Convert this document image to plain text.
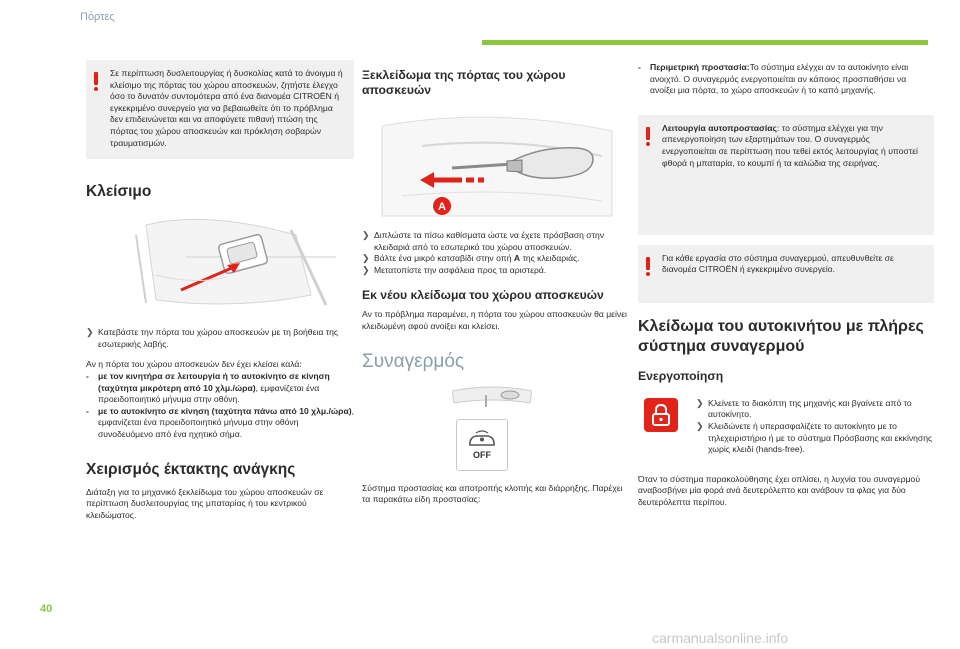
Πόρτες
Σε περίπτωση δυσλειτουργίας ή δυσκολίας κατά το άνοιγμα ή κλείσιμο της πόρτας του χώρου αποσκευών, ζητήστε έλεγχο όσο το δυνατόν συντομότερα από ένα διανομέα CITROËN ή εγκεκριμένο συνεργείο για να βεβαιωθείτε ότι το πρόβλημα δεν επιδεινώνεται και να αποφύγετε πιθανή πτώση της πόρτας του χώρου αποσκευών και πρόκληση σοβαρών τραυματισμών.
Κλείσιμο
❯ Κατεβάστε την πόρτα του χώρου αποσκευών με τη βοήθεια της εσωτερικής λαβής.
Αν η πόρτα του χώρου αποσκευών δεν έχει κλείσει καλά:
-	με τον κινητήρα σε λειτουργία ή το αυτοκίνητο σε κίνηση (ταχύτητα μικρότερη από 10 χλμ./ώρα), εμφανίζεται ένα προειδοποιητικό μήνυμα στην οθόνη.
-	με το αυτοκίνητο σε κίνηση (ταχύτητα πάνω από 10 χλμ./ώρα), εμφανίζεται ένα προειδοποιητικό μήνυμα στην οθόνη συνοδευόμενο από ένα ηχητικό σήμα.
Χειρισμός έκτακτης ανάγκης
Διάταξη για το μηχανικό ξεκλείδωμα του χώρου αποσκευών σε περίπτωση δυσλειτουργίας της μπαταρίας ή του κεντρικού κλειδώματος.
Ξεκλείδωμα της πόρτας του χώρου αποσκευών
A
❯ Διπλώστε τα πίσω καθίσματα ώστε να έχετε πρόσβαση στην κλειδαριά από το εσωτερικό του χώρου αποσκευών.
❯ Βάλτε ένα μικρό κατσαβίδι στην οπή A της κλειδαριάς.
❯ Μετατοπίστε την ασφάλεια προς τα αριστερά.
Εκ νέου κλείδωμα του χώρου αποσκευών
Αν το πρόβλημα παραμένει, η πόρτα του χώρου αποσκευών θα μείνει κλειδωμένη αφού ανοίξει και κλείσει.
Συναγερμός
OFF
Σύστημα προστασίας και αποτροπής κλοπής και διάρρηξης. Παρέχει τα παρακάτω είδη προστασίας:
-	Περιμετρική προστασία:Το σύστημα ελέγχει αν το αυτοκίνητο είναι ανοιχτό. Ο συναγερμός ενεργοποιείται αν κάποιος προσπαθήσει να ανοίξει μια πόρτα, το χώρο αποσκευών ή το καπό μηχανής.
Λειτουργία αυτοπροστασίας: το σύστημα ελέγχει για την απενεργοποίηση των εξαρτημάτων του. Ο συναγερμός ενεργοποιείται σε περίπτωση που τεθεί εκτός λειτουργίας ή υποστεί φθορά η μπαταρία, το κουμπί ή τα καλώδια της σειρήνας.
Για κάθε εργασία στο σύστημα συναγερμού, απευθυνθείτε σε διανομέα CITROËN ή εγκεκριμένο συνεργείο.
Κλείδωμα του αυτοκινήτου με πλήρες σύστημα συναγερμού
Ενεργοποίηση
❯ Κλείνετε το διακόπτη της μηχανής και βγαίνετε από το αυτοκίνητο.
❯ Κλειδώνετε ή υπερασφαλίζετε το αυτοκίνητο με το τηλεχειριστήριο ή με το σύστημα Πρόσβασης και εκκίνησης χωρίς κλειδί (hands-free).
Όταν το σύστημα παρακολούθησης έχει οπλίσει, η λυχνία του συναγερμού αναβοσβήνει μία φορά ανά δευτερόλεπτο και ανάβουν τα φλας για δύο δευτερόλεπτα περίπου.
40
carmanualsonline.info
